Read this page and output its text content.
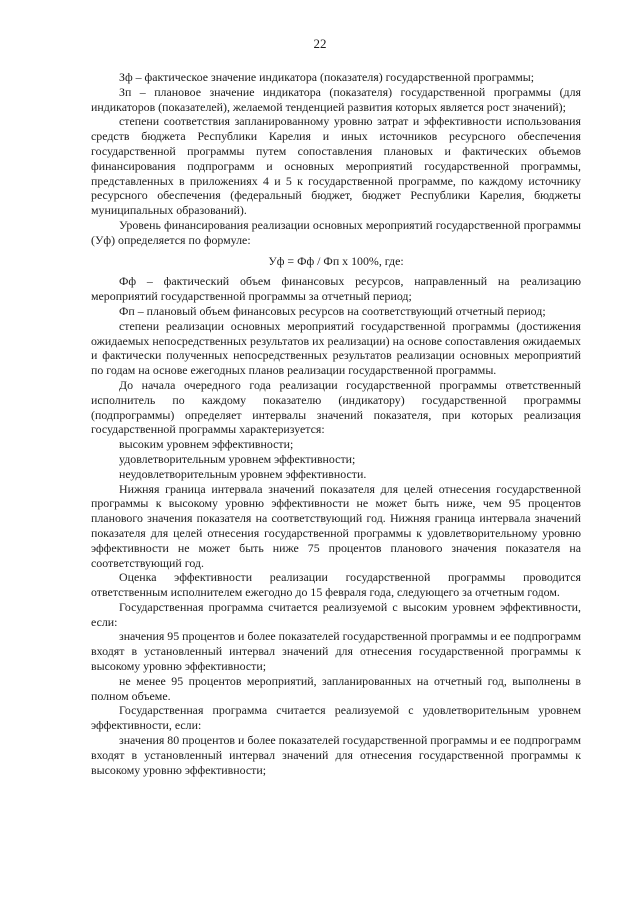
22

Зф – фактическое значение индикатора (показателя) государственной программы;

Зп – плановое значение индикатора (показателя) государственной программы (для индикаторов (показателей), желаемой тенденцией развития которых является рост значений);

степени соответствия запланированному уровню затрат и эффективности использования средств бюджета Республики Карелия и иных источников ресурсного обеспечения государственной программы путем сопоставления плановых и фактических объемов финансирования подпрограмм и основных мероприятий государственной программы, представленных в приложениях 4 и 5 к государственной программе, по каждому источнику ресурсного обеспечения (федеральный бюджет, бюджет Республики Карелия, бюджеты муниципальных образований).

Уровень финансирования реализации основных мероприятий государственной программы (Уф) определяется по формуле:

Уф = Фф / Фп x 100%, где:

Фф – фактический объем финансовых ресурсов, направленный на реализацию мероприятий государственной программы за отчетный период;

Фп – плановый объем финансовых ресурсов на соответствующий отчетный период;

степени реализации основных мероприятий государственной программы (достижения ожидаемых непосредственных результатов их реализации) на основе сопоставления ожидаемых и фактически полученных непосредственных результатов реализации основных мероприятий по годам на основе ежегодных планов реализации государственной программы.

До начала очередного года реализации государственной программы ответственный исполнитель по каждому показателю (индикатору) государственной программы (подпрограммы) определяет интервалы значений показателя, при которых реализация государственной программы характеризуется:

высоким уровнем эффективности;

удовлетворительным уровнем эффективности;

неудовлетворительным уровнем эффективности.

Нижняя граница интервала значений показателя для целей отнесения государственной программы к высокому уровню эффективности не может быть ниже, чем 95 процентов планового значения показателя на соответствующий год. Нижняя граница интервала значений показателя для целей отнесения государственной программы к удовлетворительному уровню эффективности не может быть ниже 75 процентов планового значения показателя на соответствующий год.

Оценка эффективности реализации государственной программы проводится ответственным исполнителем ежегодно до 15 февраля года, следующего за отчетным годом.

Государственная программа считается реализуемой с высоким уровнем эффективности, если:

значения 95 процентов и более показателей государственной программы и ее подпрограмм входят в установленный интервал значений для отнесения государственной программы к высокому уровню эффективности;

не менее 95 процентов мероприятий, запланированных на отчетный год, выполнены в полном объеме.

Государственная программа считается реализуемой с удовлетворительным уровнем эффективности, если:

значения 80 процентов и более показателей государственной программы и ее подпрограмм входят в установленный интервал значений для отнесения государственной программы к высокому уровню эффективности;
